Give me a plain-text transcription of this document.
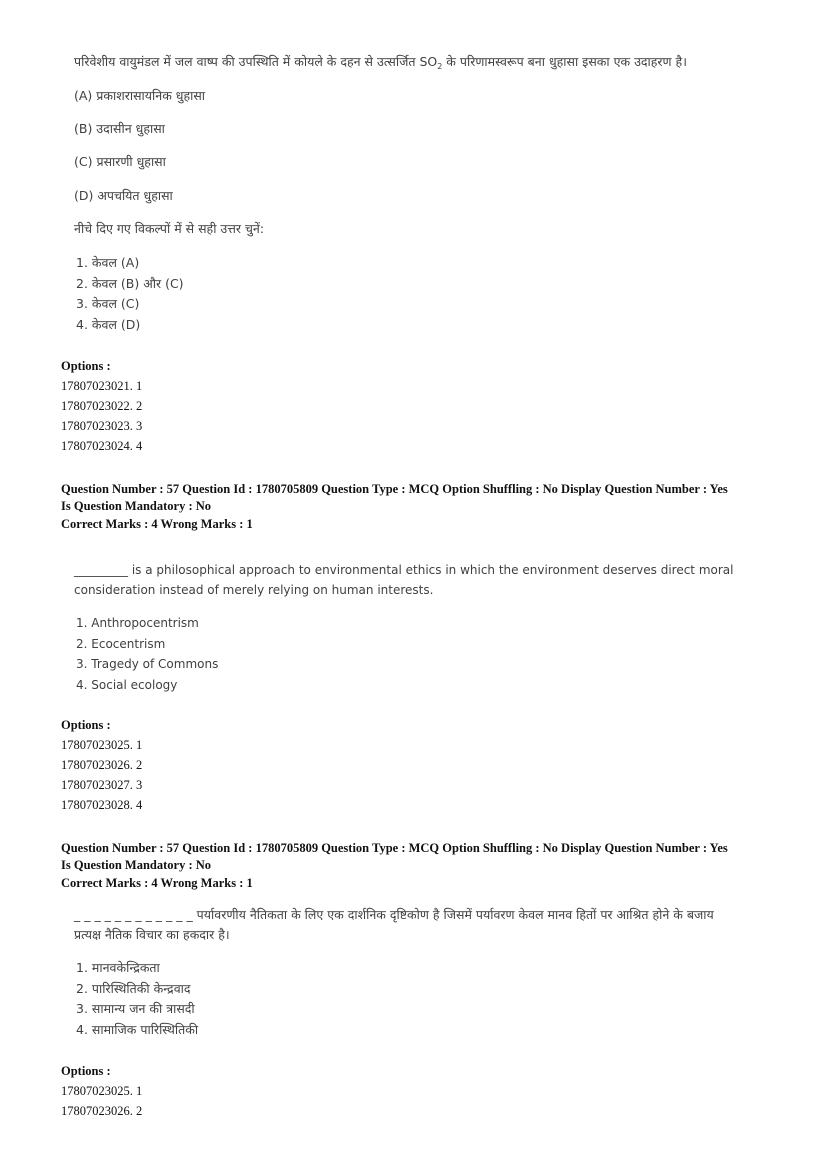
परिवेशीय वायुमंडल में जल वाष्प की उपस्थिति में कोयले के दहन से उत्सर्जित $SO_2$ के परिणामस्वरूप बना धुहासा इसका एक उदाहरण है।

(A) प्रकाशरासायनिक धुहासा

(B) उदासीन धुहासा

(C) प्रसारणी धुहासा

(D) अपचयित धुहासा

नीचे दिए गए विकल्पों में से सही उत्तर चुनें:

1. केवल (A)
2. केवल (B) और (C)
3. केवल (C)
4. केवल (D)
Options :
17807023021. 1
17807023022. 2
17807023023. 3
17807023024. 4
Question Number : 57 Question Id : 1780705809 Question Type : MCQ Option Shuffling : No Display Question Number : Yes
Is Question Mandatory : No
Correct Marks : 4 Wrong Marks : 1

_________ is a philosophical approach to environmental ethics in which the environment deserves direct moral

consideration instead of merely relying on human interests.

1. Anthropocentrism
2. Ecocentrism
3. Tragedy of Commons
4. Social ecology
Options :
17807023025. 1
17807023026. 2
17807023027. 3
17807023028. 4
Question Number : 57 Question Id : 1780705809 Question Type : MCQ Option Shuffling : No Display Question Number : Yes
Is Question Mandatory : No
Correct Marks : 4 Wrong Marks : 1

_ _ _ _ _ _ _ _ _ _ _ _ पर्यावरणीय नैतिकता के लिए एक दार्शनिक दृष्टिकोण है जिसमें पर्यावरण केवल मानव हितों पर आश्रित होने के बजाय

प्रत्यक्ष नैतिक विचार का हकदार है।

1. मानवकेन्द्रिकता
2. पारिस्थितिकी केन्द्रवाद
3. सामान्य जन की त्रासदी
4. सामाजिक पारिस्थितिकी
Options :
17807023025. 1
17807023026. 2
